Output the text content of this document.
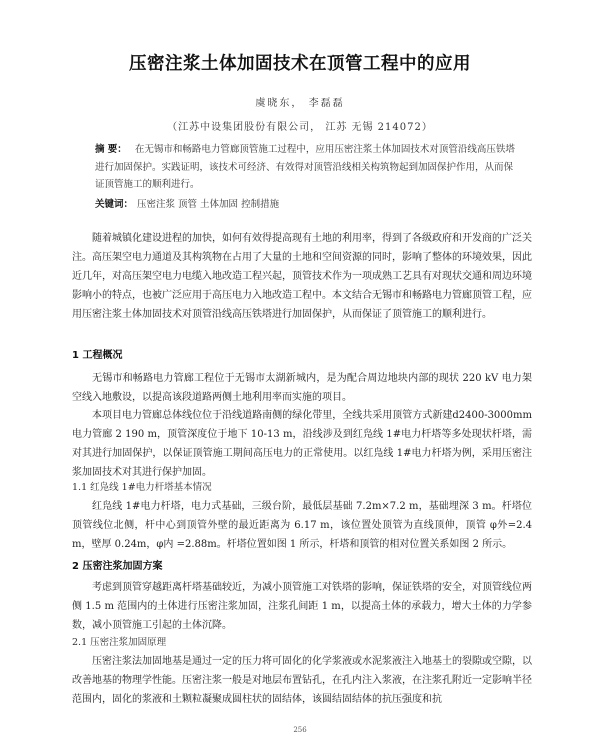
压密注浆土体加固技术在顶管工程中的应用
虞晓东， 李磊磊
（江苏中设集团股份有限公司， 江苏 无锡 214072）
摘 要： 在无锡市和畅路电力管廊顶管施工过程中，应用压密注浆土体加固技术对顶管沿线高压铁塔进行加固保护。实践证明，该技术可经济、有效得对顶管沿线相关构筑物起到加固保护作用，从而保证顶管施工的顺利进行。
关键词： 压密注浆 顶管 土体加固 控制措施

随着城镇化建设进程的加快，如何有效得提高现有土地的利用率，得到了各级政府和开发商的广泛关注。高压架空电力通道及其构筑物在占用了大量的土地和空间资源的同时，影响了整体的环境效果，因此近几年，对高压架空电力电缆入地改造工程兴起，顶管技术作为一项成熟工艺具有对现状交通和周边环境影响小的特点，也被广泛应用于高压电力入地改造工程中。本文结合无锡市和畅路电力管廊顶管工程，应用压密注浆土体加固技术对顶管沿线高压铁塔进行加固保护，从而保证了顶管施工的顺利进行。

1 工程概况

无锡市和畅路电力管廊工程位于无锡市太湖新城内，是为配合周边地块内部的现状 220 kV 电力架空线入地敷设，以提高该段道路两侧土地利用率而实施的项目。

本项目电力管廊总体线位位于沿线道路南侧的绿化带里，全线共采用顶管方式新建d2400-3000mm 电力管廊 2 190 m，顶管深度位于地下 10-13 m，沿线涉及到红凫线 1#电力杆塔等多处现状杆塔，需对其进行加固保护，以保证顶管施工期间高压电力的正常使用。以红凫线 1#电力杆塔为例，采用压密注浆加固技术对其进行保护加固。

1.1 红凫线 1#电力杆塔基本情况

红凫线 1#电力杆塔，电力式基础，三级台阶，最低层基础 7.2m×7.2 m，基础埋深 3 m。杆塔位顶管线位北侧，杆中心到顶管外壁的最近距离为 6.17 m，该位置处顶管为直线顶伸，顶管 φ外=2.4 m，壁厚 0.24m，φ内 =2.88m。杆塔位置如图 1 所示，杆塔和顶管的相对位置关系如图 2 所示。

2 压密注浆加固方案

考虑到顶管穿越距离杆塔基础较近，为减小顶管施工对铁塔的影响，保证铁塔的安全，对顶管线位两侧 1.5 m 范围内的土体进行压密注浆加固，注浆孔间距 1 m，以提高土体的承载力，增大土体的力学参数，减小顶管施工引起的土体沉降。

2.1 压密注浆加固原理

压密注浆法加固地基是通过一定的压力将可固化的化学浆液或水泥浆液注入地基土的裂隙或空隙，以改善地基的物理学性能。压密注浆一般是对地层布置钻孔，在孔内注入浆液，在注浆孔附近一定影响半径范围内，固化的浆液和土颗粒凝聚成圆柱状的固结体，该圆结固结体的抗压强度和抗

256
